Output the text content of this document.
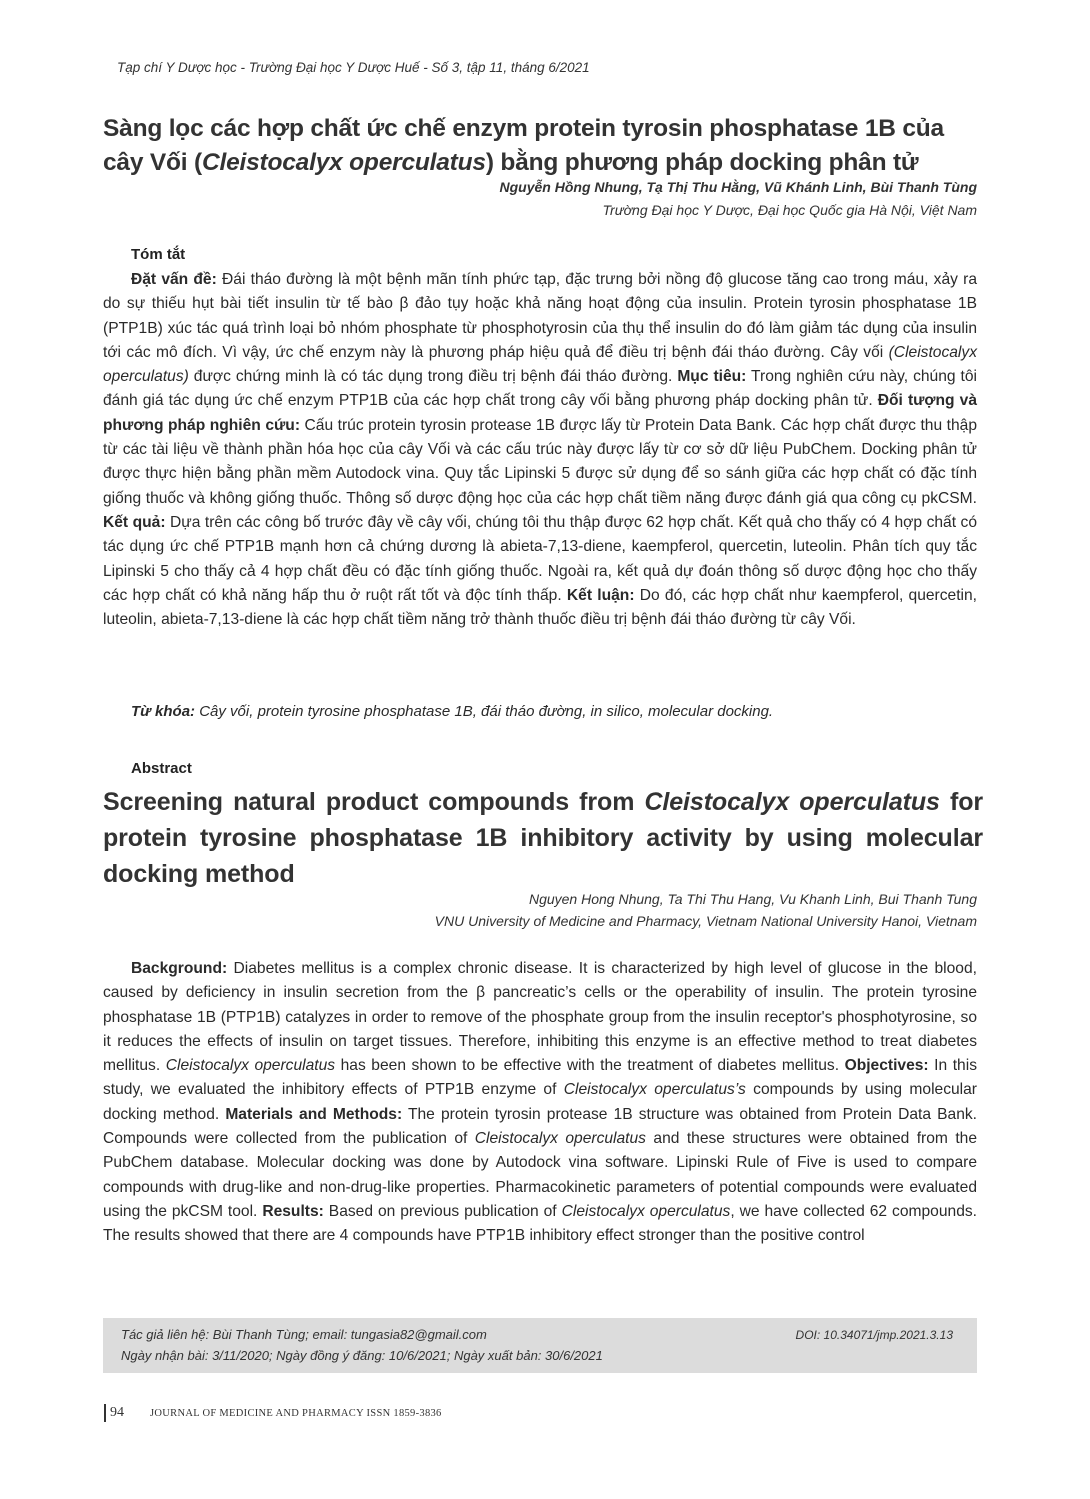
Tạp chí Y Dược học - Trường Đại học Y Dược Huế - Số 3, tập 11, tháng 6/2021
Sàng lọc các hợp chất ức chế enzym protein tyrosin phosphatase 1B của
cây Vối (Cleistocalyx operculatus) bằng phương pháp docking phân tử
Nguyễn Hồng Nhung, Tạ Thị Thu Hằng, Vũ Khánh Linh, Bùi Thanh Tùng
Trường Đại học Y Dược, Đại học Quốc gia Hà Nội, Việt Nam
Tóm tắt

Đặt vấn đề: Đái tháo đường là một bệnh mãn tính phức tạp, đặc trưng bởi nồng độ glucose tăng cao trong máu, xảy ra do sự thiếu hụt bài tiết insulin từ tế bào β đảo tụy hoặc khả năng hoạt động của insulin. Protein tyrosin phosphatase 1B (PTP1B) xúc tác quá trình loại bỏ nhóm phosphate từ phosphotyrosin của thụ thể insulin do đó làm giảm tác dụng của insulin tới các mô đích. Vì vậy, ức chế enzym này là phương pháp hiệu quả để điều trị bệnh đái tháo đường. Cây vối (Cleistocalyx operculatus) được chứng minh là có tác dụng trong điều trị bệnh đái tháo đường. Mục tiêu: Trong nghiên cứu này, chúng tôi đánh giá tác dụng ức chế enzym PTP1B của các hợp chất trong cây vối bằng phương pháp docking phân tử. Đối tượng và phương pháp nghiên cứu: Cấu trúc protein tyrosin protease 1B được lấy từ Protein Data Bank. Các hợp chất được thu thập từ các tài liệu về thành phần hóa học của cây Vối và các cấu trúc này được lấy từ cơ sở dữ liệu PubChem. Docking phân tử được thực hiện bằng phần mềm Autodock vina. Quy tắc Lipinski 5 được sử dụng để so sánh giữa các hợp chất có đặc tính giống thuốc và không giống thuốc. Thông số dược động học của các hợp chất tiềm năng được đánh giá qua công cụ pkCSM. Kết quả: Dựa trên các công bố trước đây về cây vối, chúng tôi thu thập được 62 hợp chất. Kết quả cho thấy có 4 hợp chất có tác dụng ức chế PTP1B mạnh hơn cả chứng dương là abieta-7,13-diene, kaempferol, quercetin, luteolin. Phân tích quy tắc Lipinski 5 cho thấy cả 4 hợp chất đều có đặc tính giống thuốc. Ngoài ra, kết quả dự đoán thông số dược động học cho thấy các hợp chất có khả năng hấp thu ở ruột rất tốt và độc tính thấp. Kết luận: Do đó, các hợp chất như kaempferol, quercetin, luteolin, abieta-7,13-diene là các hợp chất tiềm năng trở thành thuốc điều trị bệnh đái tháo đường từ cây Vối.

Từ khóa: Cây vối, protein tyrosine phosphatase 1B, đái tháo đường, in silico, molecular docking.
Abstract
Screening natural product compounds from Cleistocalyx operculatus for protein tyrosine phosphatase 1B inhibitory activity by using molecular docking method
Nguyen Hong Nhung, Ta Thi Thu Hang, Vu Khanh Linh, Bui Thanh Tung
VNU University of Medicine and Pharmacy, Vietnam National University Hanoi, Vietnam

Background: Diabetes mellitus is a complex chronic disease. It is characterized by high level of glucose in the blood, caused by deficiency in insulin secretion from the β pancreatic’s cells or the operability of insulin. The protein tyrosine phosphatase 1B (PTP1B) catalyzes in order to remove of the phosphate group from the insulin receptor's phosphotyrosine, so it reduces the effects of insulin on target tissues. Therefore, inhibiting this enzyme is an effective method to treat diabetes mellitus. Cleistocalyx operculatus has been shown to be effective with the treatment of diabetes mellitus. Objectives: In this study, we evaluated the inhibitory effects of PTP1B enzyme of Cleistocalyx operculatus’s compounds by using molecular docking method. Materials and Methods: The protein tyrosin protease 1B structure was obtained from Protein Data Bank. Compounds were collected from the publication of Cleistocalyx operculatus and these structures were obtained from the PubChem database. Molecular docking was done by Autodock vina software. Lipinski Rule of Five is used to compare compounds with drug-like and non-drug-like properties. Pharmacokinetic parameters of potential compounds were evaluated using the pkCSM tool. Results: Based on previous publication of Cleistocalyx operculatus, we have collected 62 compounds. The results showed that there are 4 compounds have PTP1B inhibitory effect stronger than the positive control

Tác giả liên hệ: Bùi Thanh Tùng; email: tungasia82@gmail.com	DOI: 10.34071/jmp.2021.3.13
Ngày nhận bài: 3/11/2020; Ngày đồng ý đăng: 10/6/2021; Ngày xuất bản: 30/6/2021
94 JOURNAL OF MEDICINE AND PHARMACY ISSN 1859-3836
